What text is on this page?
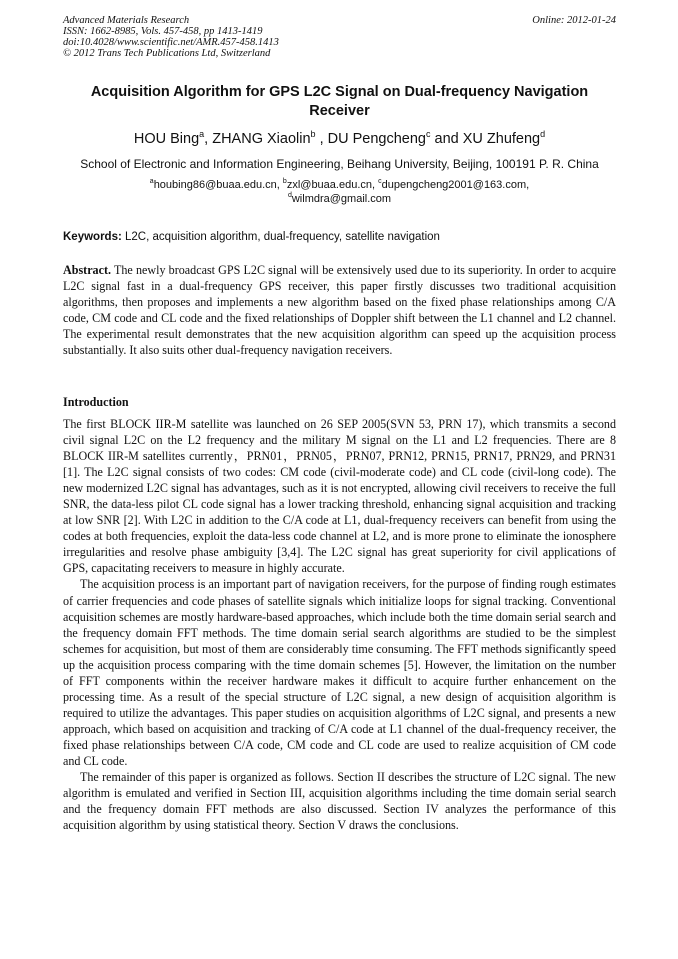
Advanced Materials Research
ISSN: 1662-8985, Vols. 457-458, pp 1413-1419
doi:10.4028/www.scientific.net/AMR.457-458.1413
© 2012 Trans Tech Publications Ltd, Switzerland
Online: 2012-01-24
Acquisition Algorithm for GPS L2C Signal on Dual-frequency Navigation Receiver
HOU Bing$^a$, ZHANG Xiaolin$^b$ , DU Pengcheng$^c$ and XU Zhufeng$^d$
School of Electronic and Information Engineering, Beihang University, Beijing, 100191 P. R. China
$^a$houbing86@buaa.edu.cn, $^b$zxl@buaa.edu.cn, $^c$dupengcheng2001@163.com,
$^d$wilmdra@gmail.com
Keywords: L2C, acquisition algorithm, dual-frequency, satellite navigation
Abstract. The newly broadcast GPS L2C signal will be extensively used due to its superiority. In order to acquire L2C signal fast in a dual-frequency GPS receiver, this paper firstly discusses two traditional acquisition algorithms, then proposes and implements a new algorithm based on the fixed phase relationships among C/A code, CM code and CL code and the fixed relationships of Doppler shift between the L1 channel and L2 channel. The experimental result demonstrates that the new acquisition algorithm can speed up the acquisition process substantially. It also suits other dual-frequency navigation receivers.
Introduction

The first BLOCK IIR-M satellite was launched on 26 SEP 2005(SVN 53, PRN 17), which transmits a second civil signal L2C on the L2 frequency and the military M signal on the L1 and L2 frequencies. There are 8 BLOCK IIR-M satellites currently，PRN01，PRN05，PRN07, PRN12, PRN15, PRN17, PRN29, and PRN31 [1]. The L2C signal consists of two codes: CM code (civil-moderate code) and CL code (civil-long code). The new modernized L2C signal has advantages, such as it is not encrypted, allowing civil receivers to receive the full SNR, the data-less pilot CL code signal has a lower tracking threshold, enhancing signal acquisition and tracking at low SNR [2]. With L2C in addition to the C/A code at L1, dual-frequency receivers can benefit from using the codes at both frequencies, exploit the data-less code channel at L2, and is more prone to eliminate the ionosphere irregularities and resolve phase ambiguity [3,4]. The L2C signal has great superiority for civil applications of GPS, capacitating receivers to measure in highly accurate.

The acquisition process is an important part of navigation receivers, for the purpose of finding rough estimates of carrier frequencies and code phases of satellite signals which initialize loops for signal tracking. Conventional acquisition schemes are mostly hardware-based approaches, which include both the time domain serial search and the frequency domain FFT methods. The time domain serial search algorithms are studied to be the simplest schemes for acquisition, but most of them are considerably time consuming. The FFT methods significantly speed up the acquisition process comparing with the time domain schemes [5]. However, the limitation on the number of FFT components within the receiver hardware makes it difficult to acquire further enhancement on the processing time. As a result of the special structure of L2C signal, a new design of acquisition algorithm is required to utilize the advantages. This paper studies on acquisition algorithms of L2C signal, and presents a new approach, which based on acquisition and tracking of C/A code at L1 channel of the dual-frequency receiver, the fixed phase relationships between C/A code, CM code and CL code are used to realize acquisition of CM code and CL code.

The remainder of this paper is organized as follows. Section II describes the structure of L2C signal. The new algorithm is emulated and verified in Section III, acquisition algorithms including the time domain serial search and the frequency domain FFT methods are also discussed. Section IV analyzes the performance of this acquisition algorithm by using statistical theory. Section V draws the conclusions.
